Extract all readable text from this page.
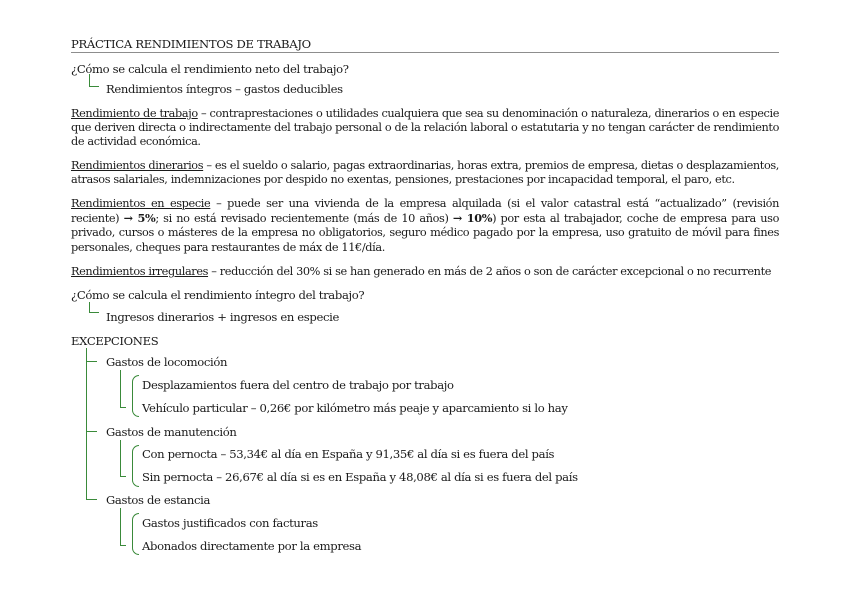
PRÁCTICA RENDIMIENTOS DE TRABAJO
¿Cómo se calcula el rendimiento neto del trabajo?
Rendimientos íntegros – gastos deducibles
Rendimiento de trabajo – contraprestaciones o utilidades cualquiera que sea su denominación o naturaleza, dinerarios o en especie que deriven directa o indirectamente del trabajo personal o de la relación laboral o estatutaria y no tengan carácter de rendimiento de actividad económica.
Rendimientos dinerarios – es el sueldo o salario, pagas extraordinarias, horas extra, premios de empresa, dietas o desplazamientos, atrasos salariales, indemnizaciones por despido no exentas, pensiones, prestaciones por incapacidad temporal, el paro, etc.
Rendimientos en especie – puede ser una vivienda de la empresa alquilada (si el valor catastral está “actualizado” (revisión reciente) → 5%; si no está revisado recientemente (más de 10 años) → 10%) por esta al trabajador, coche de empresa para uso privado, cursos o másteres de la empresa no obligatorios, seguro médico pagado por la empresa, uso gratuito de móvil para fines personales, cheques para restaurantes de máx de 11€/día.
Rendimientos irregulares – reducción del 30% si se han generado en más de 2 años o son de carácter excepcional o no recurrente
¿Cómo se calcula el rendimiento íntegro del trabajo?
Ingresos dinerarios + ingresos en especie
EXCEPCIONES
Gastos de locomoción
Desplazamientos fuera del centro de trabajo por trabajo
Vehículo particular – 0,26€ por kilómetro más peaje y aparcamiento si lo hay
Gastos de manutención
Con pernocta – 53,34€ al día en España y 91,35€ al día si es fuera del país
Sin pernocta – 26,67€ al día si es en España y 48,08€ al día si es fuera del país
Gastos de estancia
Gastos justificados con facturas
Abonados directamente por la empresa
